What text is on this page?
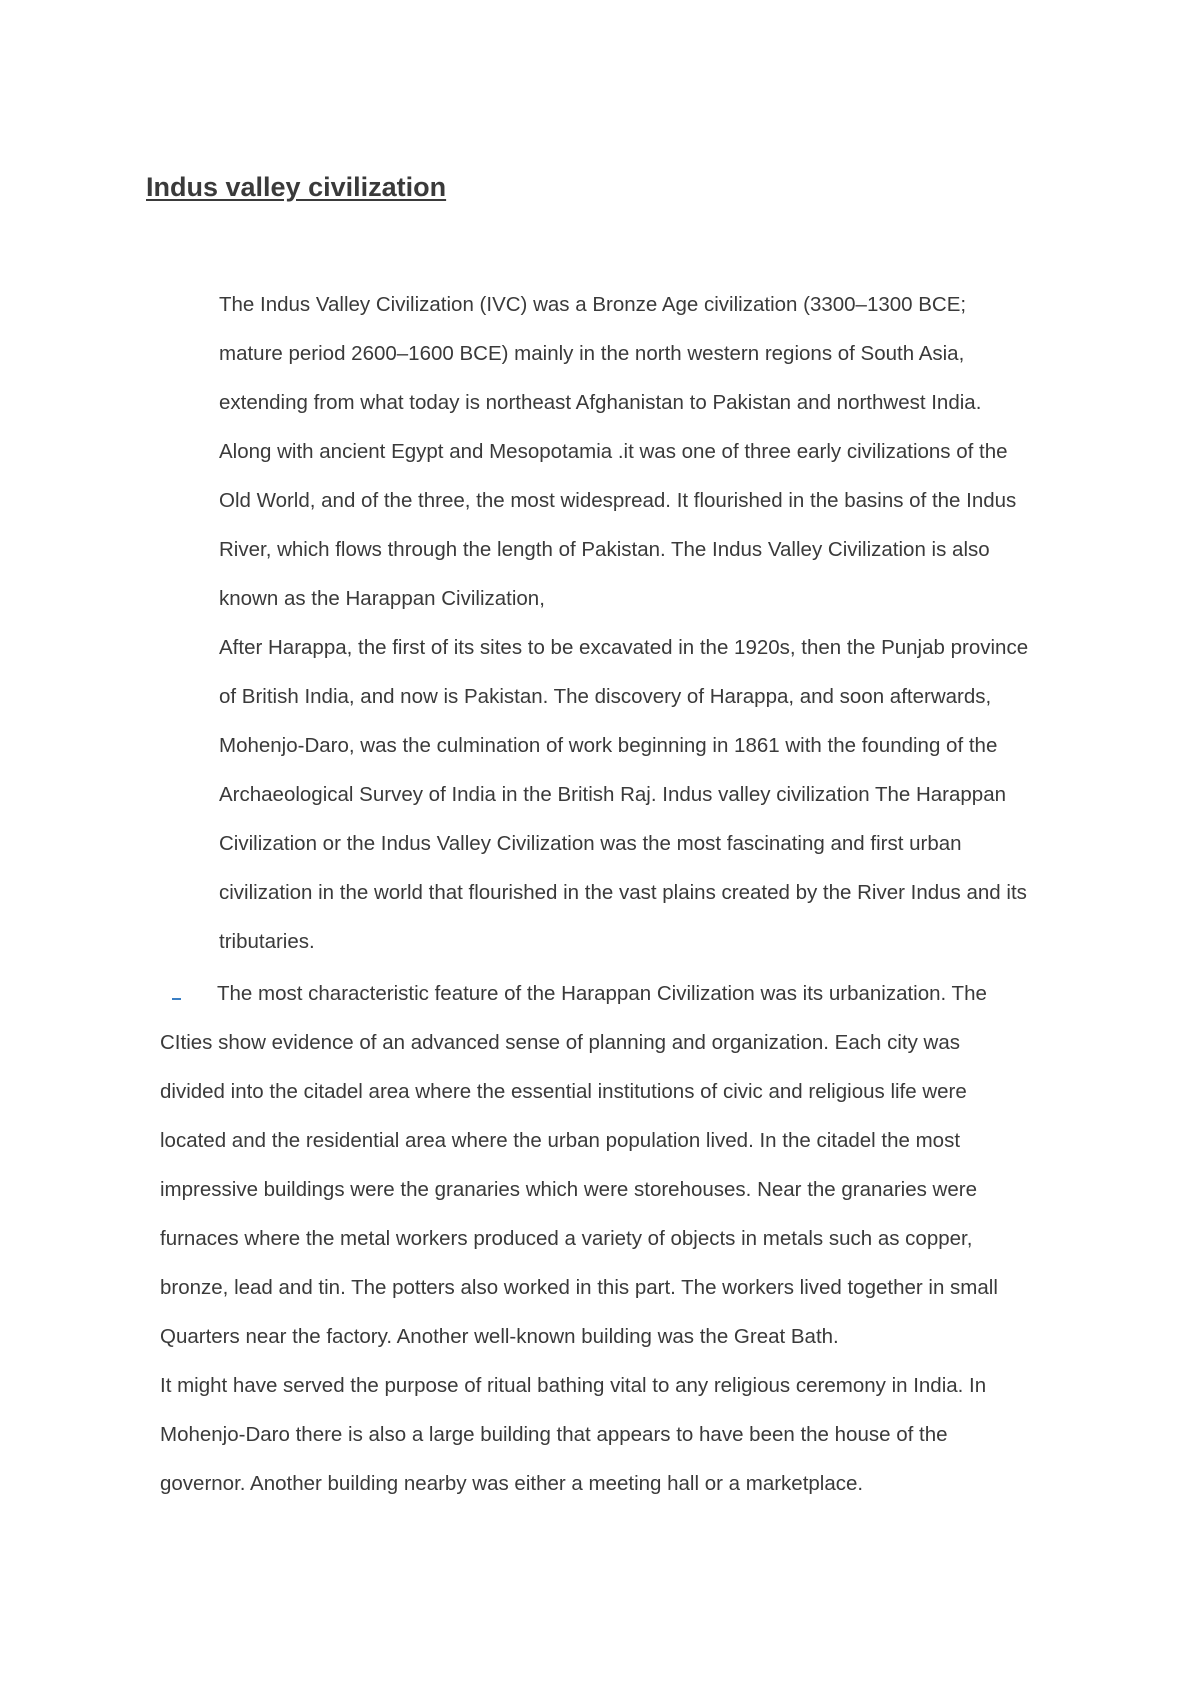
Indus valley civilization
The Indus Valley Civilization (IVC) was a Bronze Age civilization (3300–1300 BCE;
mature period 2600–1600 BCE) mainly in the north western regions of South Asia,
extending from what today is northeast Afghanistan to Pakistan and northwest India.
Along with ancient Egypt and Mesopotamia .it was one of three early civilizations of the
Old World, and of the three, the most widespread. It flourished in the basins of the Indus
River, which flows through the length of Pakistan. The Indus Valley Civilization is also
known as the Harappan Civilization,
After Harappa, the first of its sites to be excavated in the 1920s, then the Punjab province
of British India, and now is Pakistan. The discovery of Harappa, and soon afterwards,
Mohenjo-Daro, was the culmination of work beginning in 1861 with the founding of the
Archaeological Survey of India in the British Raj. Indus valley civilization The Harappan
Civilization or the Indus Valley Civilization was the most fascinating and first urban
civilization in the world that flourished in the vast plains created by the River Indus and its
tributaries.
The most characteristic feature of the Harappan Civilization was its urbanization. The
CIties show evidence of an advanced sense of planning and organization. Each city was
divided into the citadel area where the essential institutions of civic and religious life were
located and the residential area where the urban population lived. In the citadel the most
impressive buildings were the granaries which were storehouses. Near the granaries were
furnaces where the metal workers produced a variety of objects in metals such as copper,
bronze, lead and tin. The potters also worked in this part. The workers lived together in small
Quarters near the factory. Another well-known building was the Great Bath.
It might have served the purpose of ritual bathing vital to any religious ceremony in India. In
Mohenjo-Daro there is also a large building that appears to have been the house of the
governor. Another building nearby was either a meeting hall or a marketplace.
